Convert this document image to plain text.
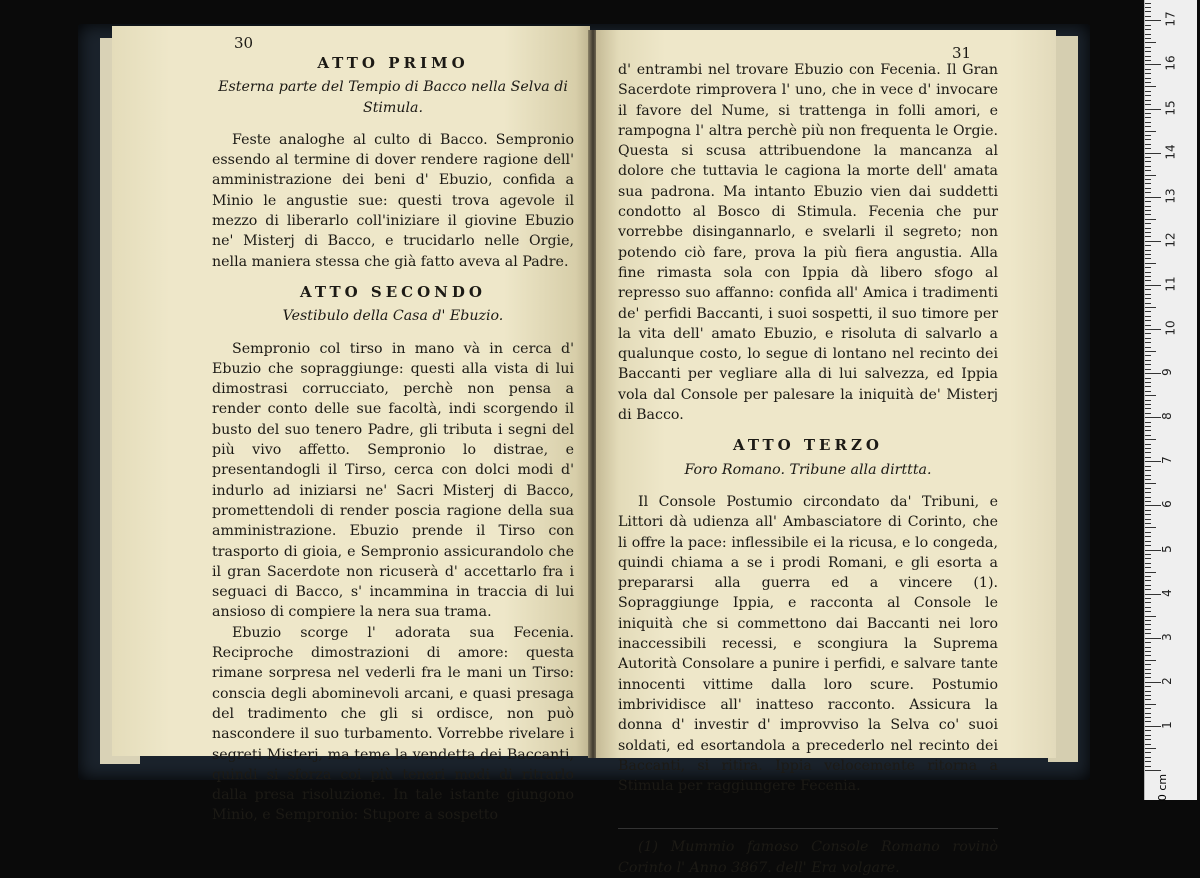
30
ATTO PRIMO
Esterna parte del Tempio di Bacco nella Selva di Stimula.

Feste analoghe al culto di Bacco. Sempronio essendo al termine di dover rendere ragione dell' amministrazione dei beni d' Ebuzio, confida a Minio le angustie sue: questi trova agevole il mezzo di liberarlo coll'iniziare il giovine Ebuzio ne' Misterj di Bacco, e trucidarlo nelle Orgie, nella maniera stessa che già fatto aveva al Padre.

ATTO SECONDO
Vestibulo della Casa d' Ebuzio.

Sempronio col tirso in mano và in cerca d' Ebuzio che sopraggiunge: questi alla vista di lui dimostrasi corrucciato, perchè non pensa a render conto delle sue facoltà, indi scorgendo il busto del suo tenero Padre, gli tributa i segni del più vivo affetto. Sempronio lo distrae, e presentandogli il Tirso, cerca con dolci modi d' indurlo ad iniziarsi ne' Sacri Misterj di Bacco, promettendoli di render poscia ragione della sua amministrazione. Ebuzio prende il Tirso con trasporto di gioia, e Sempronio assicurandolo che il gran Sacerdote non ricuserà d' accettarlo fra i seguaci di Bacco, s' incammina in traccia di lui ansioso di compiere la nera sua trama.

Ebuzio scorge l' adorata sua Fecenia. Reciproche dimostrazioni di amore: questa rimane sorpresa nel vederli fra le mani un Tirso: conscia degli abominevoli arcani, e quasi presaga del tradimento che gli si ordisce, non può nascondere il suo turbamento. Vorrebbe rivelare i segreti Misterj, ma teme la vendetta dei Baccanti, quindi si sforza coi più teneri modi di ritrarlo dalla presa risoluzione. In tale istante giungono Minio, e Sempronio: Stupore a sospetto

31

d' entrambi nel trovare Ebuzio con Fecenia. Il Gran Sacerdote rimprovera l' uno, che in vece d' invocare il favore del Nume, si trattenga in folli amori, e rampogna l' altra perchè più non frequenta le Orgie. Questa si scusa attribuendone la mancanza al dolore che tuttavia le cagiona la morte dell' amata sua padrona. Ma intanto Ebuzio vien dai suddetti condotto al Bosco di Stimula. Fecenia che pur vorrebbe disingannarlo, e svelarli il segreto; non potendo ciò fare, prova la più fiera angustia. Alla fine rimasta sola con Ippia dà libero sfogo al represso suo affanno: confida all' Amica i tradimenti de' perfidi Baccanti, i suoi sospetti, il suo timore per la vita dell' amato Ebuzio, e risoluta di salvarlo a qualunque costo, lo segue di lontano nel recinto dei Baccanti per vegliare alla di lui salvezza, ed Ippia vola dal Console per palesare la iniquità de' Misterj di Bacco.

ATTO TERZO
Foro Romano. Tribune alla dirttta.

Il Console Postumio circondato da' Tribuni, e Littori dà udienza all' Ambasciatore di Corinto, che li offre la pace: inflessibile ei la ricusa, e lo congeda, quindi chiama a se i prodi Romani, e gli esorta a prepararsi alla guerra ed a vincere (1). Sopraggiunge Ippia, e racconta al Console le iniquità che si commettono dai Baccanti nei loro inaccessibili recessi, e scongiura la Suprema Autorità Consolare a punire i perfidi, e salvare tante innocenti vittime dalla loro scure. Postumio imbrividisce all' inatteso racconto. Assicura la donna d' investir d' improvviso la Selva co' suoi soldati, ed esortandola a precederlo nel recinto dei Baccanti, si ritira. Ippia velocemente ritorna a Stimula per raggiungere Fecenia.

(1) Mummio famoso Console Romano rovinò Corinto l' Anno 3867. dell' Era volgare.
1
2
3
4
5
6
7
8
9
10
11
12
13
14
15
16
17
0 cm
